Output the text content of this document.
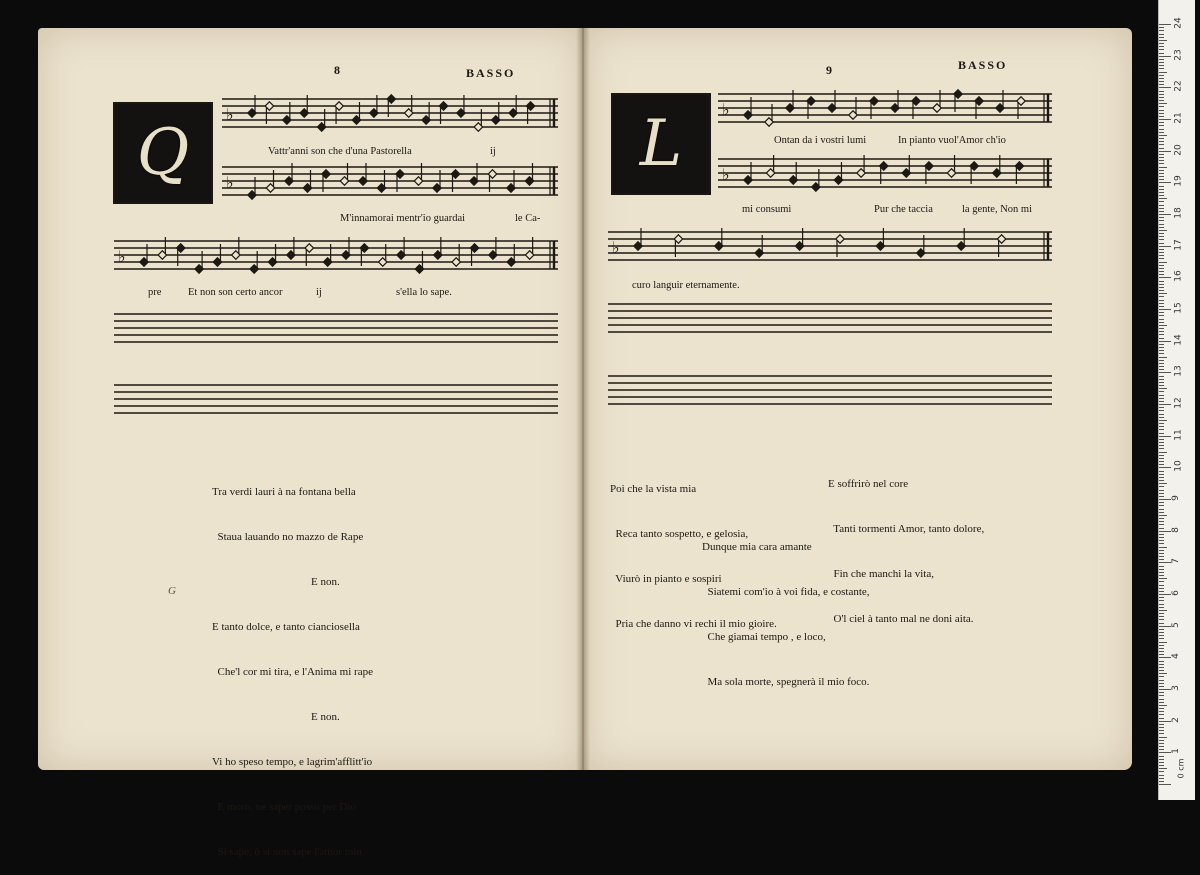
8	BASSO
Q
♭
Vattr'anni son che d'una Pastorella	ij
♭
M'innamorai mentr'io guardai	le Ca-
♭
pre	Et non son certo ancor	ij	s'ella lo sape.

Tra verdi lauri à na fontana bella

Staua lauando no mazzo de Rape

E non.

E tanto dolce, e tanto cianciosella

Che'l cor mi tira, e l'Anima mi rape

E non.

Vi ho speso tempo, e lagrim'afflitt'io

E moro, ne saper posso per Dio

Si sape, ò si non sape l'amor mio.

G
9	BASSO
L ♭
Ontan da i vostri lumi	In pianto vuol'Amor ch'io
♭
mi consumi	Pur che taccia	la gente, Non mi
♭
curo languir eternamente.

Poi che la vista mia

Reca tanto sospetto, e gelosia,

Viurò in pianto e sospiri

Pria che danno vi rechi il mio gioire.

E soffrirò nel core

Tanti tormenti Amor, tanto dolore,

Fin che manchi la vita,

O'l ciel à tanto mal ne doni aita.

Dunque mia cara amante

Siatemi com'io à voi fida, e costante,

Che giamai tempo , e loco,

Ma sola morte, spegnerà il mio foco.

0 cm
1
2
3
4
5
6
7
8
9
10
11
12
13
14
15
16
17
18
19
20
21
22
23
24
